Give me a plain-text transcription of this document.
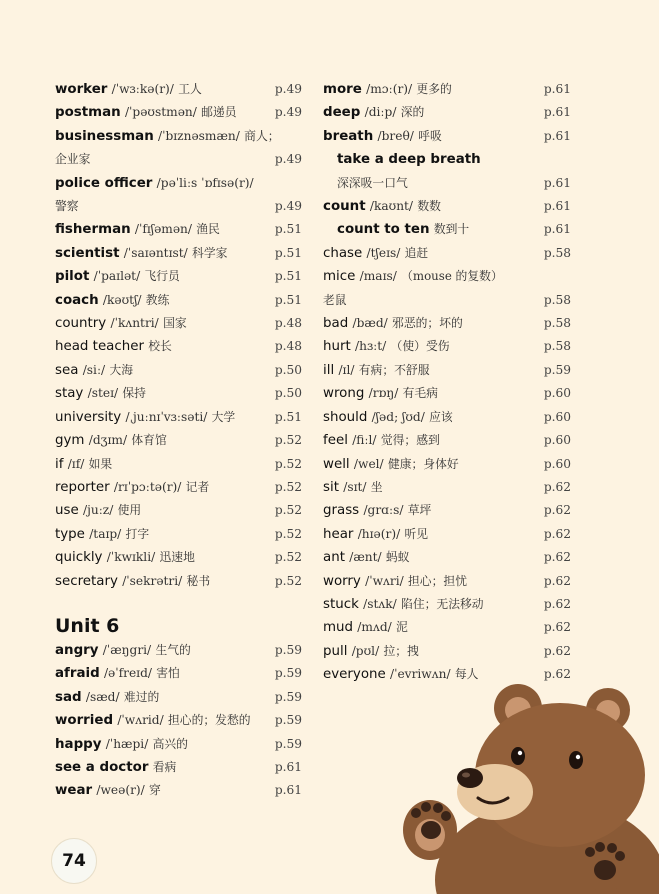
worker /ˈwɜːkə(r)/ 工人	p.49
postman /ˈpəʊstmən/ 邮递员	p.49
businessman /ˈbɪznəsmæn/ 商人；
企业家	p.49
police officer /pəˈliːs ˈɒfɪsə(r)/
警察	p.49
fisherman /ˈfɪʃəmən/ 渔民	p.51
scientist /ˈsaɪəntɪst/ 科学家	p.51
pilot /ˈpaɪlət/ 飞行员	p.51
coach /kəʊtʃ/ 教练	p.51
country /ˈkʌntri/ 国家	p.48
head teacher 校长	p.48
sea /siː/ 大海	p.50
stay /steɪ/ 保持	p.50
university /ˌjuːnɪˈvɜːsəti/ 大学	p.51
gym /dʒɪm/ 体育馆	p.52
if /ɪf/ 如果	p.52
reporter /rɪˈpɔːtə(r)/ 记者	p.52
use /juːz/ 使用	p.52
type /taɪp/ 打字	p.52
quickly /ˈkwɪkli/ 迅速地	p.52
secretary /ˈsekrətri/ 秘书	p.52
Unit 6
angry /ˈæŋgri/ 生气的	p.59
afraid /əˈfreɪd/ 害怕	p.59
sad /sæd/ 难过的	p.59
worried /ˈwʌrid/ 担心的；发愁的 p.59
happy /ˈhæpi/ 高兴的	p.59
see a doctor 看病	p.61
wear /weə(r)/ 穿	p.61
more /mɔː(r)/ 更多的	p.61
deep /diːp/ 深的	p.61
breath /breθ/ 呼吸	p.61
take a deep breath
深深吸一口气	p.61
count /kaʊnt/ 数数	p.61
count to ten 数到十	p.61
chase /tʃeɪs/ 追赶	p.58
mice /maɪs/ （mouse 的复数）
老鼠	p.58
bad /bæd/ 邪恶的；坏的	p.58
hurt /hɜːt/ （使）受伤	p.58
ill /ɪl/ 有病；不舒服	p.59
wrong /rɒŋ/ 有毛病	p.60
should /ʃəd; ʃʊd/ 应该	p.60
feel /fiːl/ 觉得；感到	p.60
well /wel/ 健康；身体好	p.60
sit /sɪt/ 坐	p.62
grass /grɑːs/ 草坪	p.62
hear /hɪə(r)/ 听见	p.62
ant /ænt/ 蚂蚁	p.62
worry /ˈwʌri/ 担心；担忧	p.62
stuck /stʌk/ 陷住；无法移动	p.62
mud /mʌd/ 泥	p.62
pull /pʊl/ 拉；拽	p.62
everyone /ˈevriwʌn/ 每人	p.62
74
